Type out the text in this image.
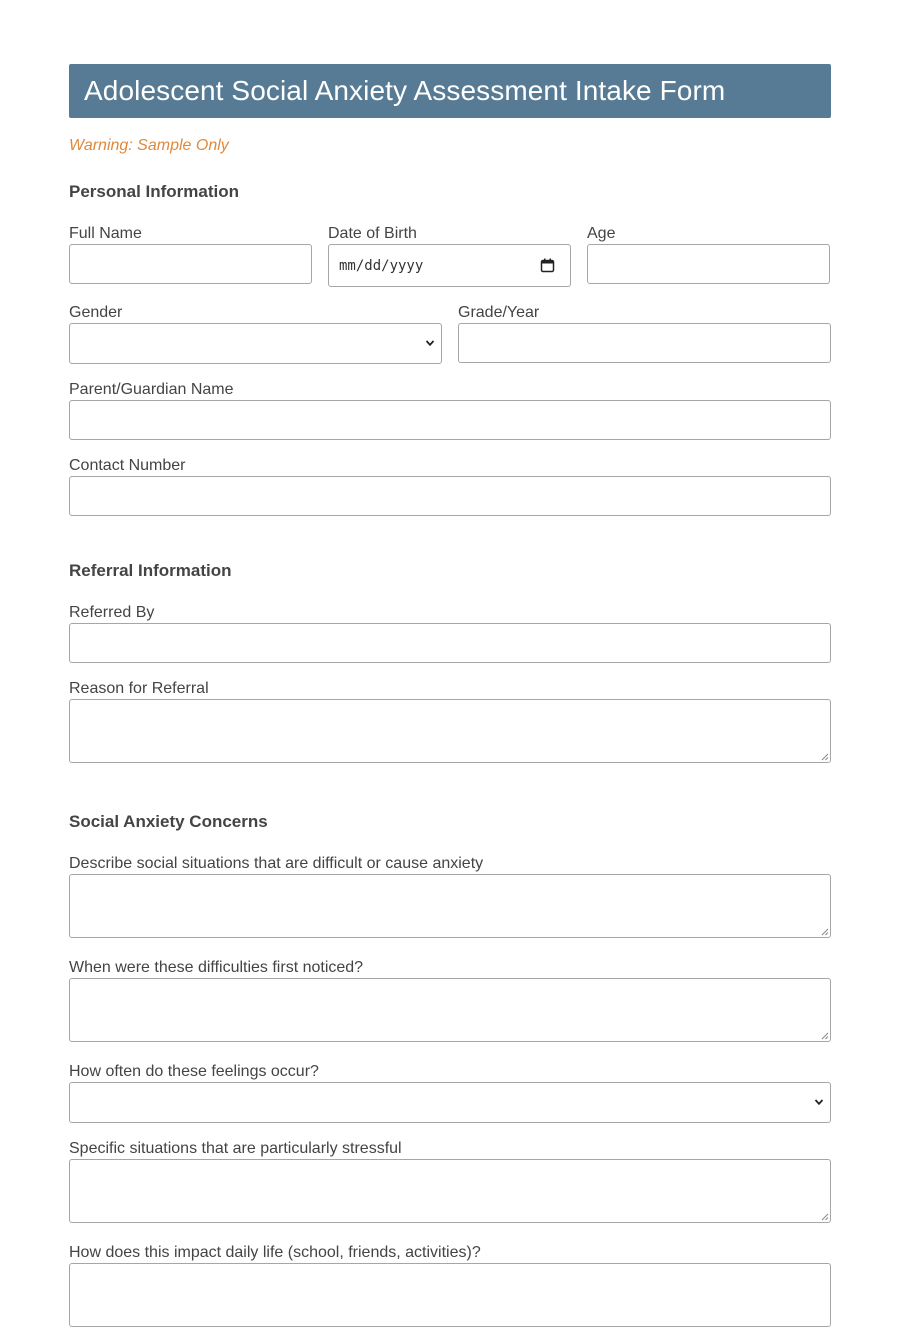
Adolescent Social Anxiety Assessment Intake Form
Warning: Sample Only
Personal Information
Full Name	Date of Birth
mm/dd/yyyy
Age
Gender	Grade/Year
Parent/Guardian Name
Contact Number
Referral Information
Referred By
Reason for Referral
Social Anxiety Concerns
Describe social situations that are difficult or cause anxiety
When were these difficulties first noticed?
How often do these feelings occur?
Specific situations that are particularly stressful
How does this impact daily life (school, friends, activities)?
